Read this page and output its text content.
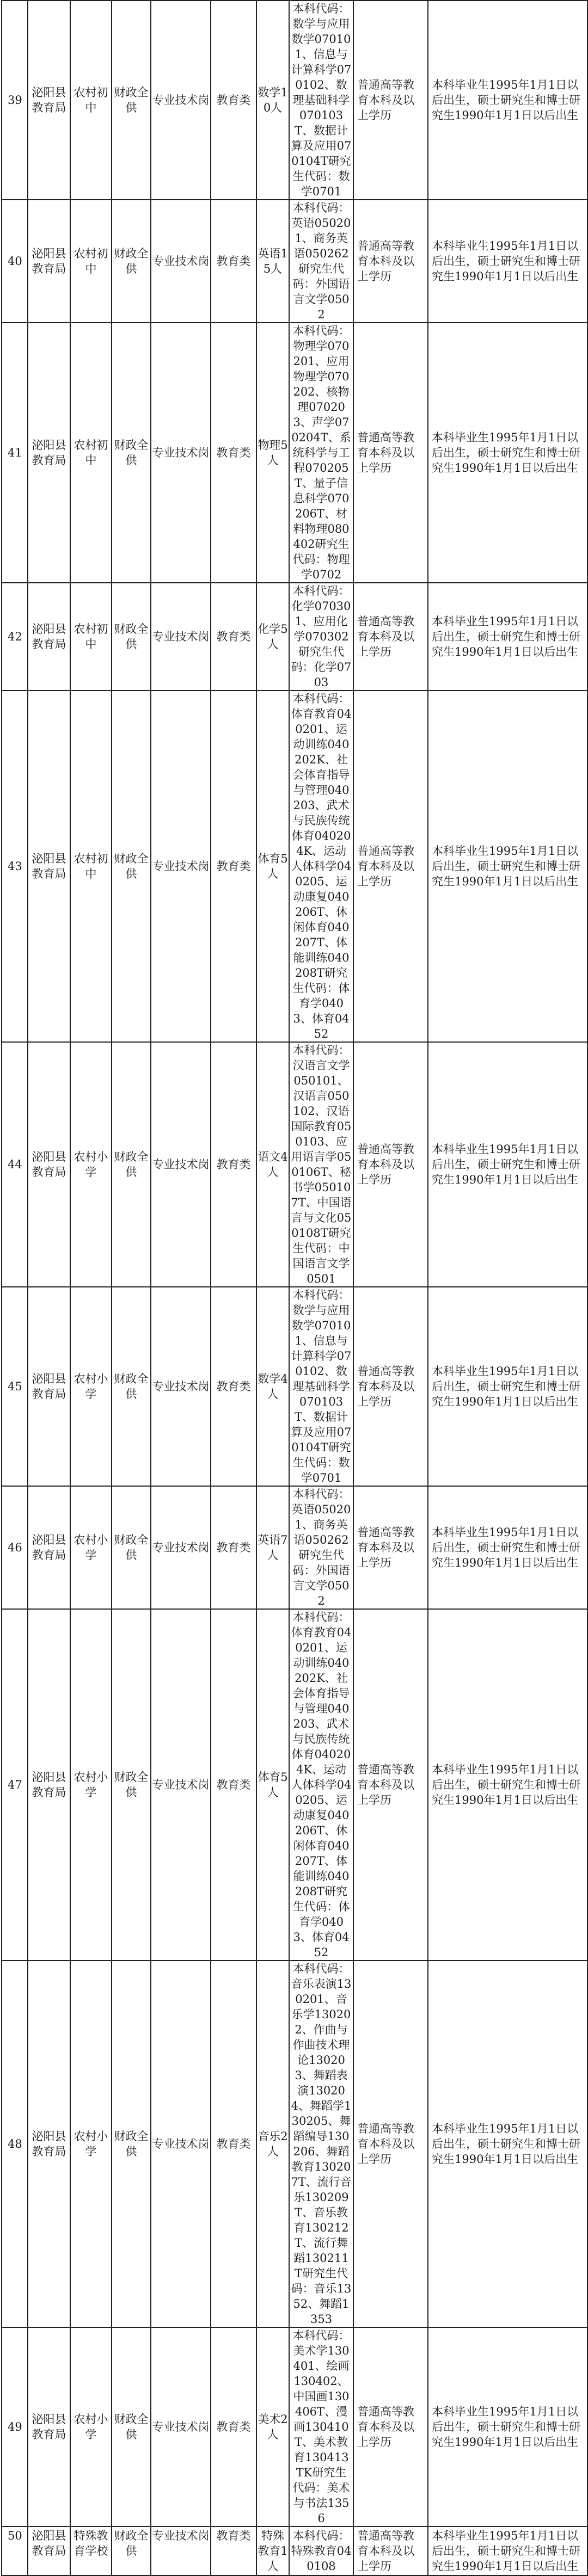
39	泌阳县教育局	农村初中	财政全供	专业技术岗	教育类	数学10人	本科代码：数学与应用数学070101、信息与计算科学070102、数理基础科学070103T、数据计算及应用070104T研究生代码：数学0701	普通高等教育本科及以上学历	本科毕业生1995年1月1日以后出生，硕士研究生和博士研究生1990年1月1日以后出生
40	泌阳县教育局	农村初中	财政全供	专业技术岗	教育类	英语15人	本科代码：英语050201、商务英语050262研究生代码：外国语言文学0502	普通高等教育本科及以上学历	本科毕业生1995年1月1日以后出生，硕士研究生和博士研究生1990年1月1日以后出生
41	泌阳县教育局	农村初中	财政全供	专业技术岗	教育类	物理5人	本科代码：物理学070201、应用物理学070202、核物理070203、声学070204T、系统科学与工程070205T、量子信息科学070206T、材料物理080402研究生代码：物理学0702	普通高等教育本科及以上学历	本科毕业生1995年1月1日以后出生，硕士研究生和博士研究生1990年1月1日以后出生
42	泌阳县教育局	农村初中	财政全供	专业技术岗	教育类	化学5人	本科代码：化学070301、应用化学070302研究生代码：化学0703	普通高等教育本科及以上学历	本科毕业生1995年1月1日以后出生，硕士研究生和博士研究生1990年1月1日以后出生
43	泌阳县教育局	农村初中	财政全供	专业技术岗	教育类	体育5人	本科代码：体育教育040201、运动训练040202K、社会体育指导与管理040203、武术与民族传统体育040204K、运动人体科学040205、运动康复040206T、休闲体育040207T、体能训练040208T研究生代码：体育学0403、体育0452	普通高等教育本科及以上学历	本科毕业生1995年1月1日以后出生，硕士研究生和博士研究生1990年1月1日以后出生
44	泌阳县教育局	农村小学	财政全供	专业技术岗	教育类	语文4人	本科代码：汉语言文学050101、汉语言050102、汉语国际教育050103、应用语言学050106T、秘书学050107T、中国语言与文化050108T研究生代码：中国语言文学0501	普通高等教育本科及以上学历	本科毕业生1995年1月1日以后出生，硕士研究生和博士研究生1990年1月1日以后出生
45	泌阳县教育局	农村小学	财政全供	专业技术岗	教育类	数学4人	本科代码：数学与应用数学070101、信息与计算科学070102、数理基础科学070103T、数据计算及应用070104T研究生代码：数学0701	普通高等教育本科及以上学历	本科毕业生1995年1月1日以后出生，硕士研究生和博士研究生1990年1月1日以后出生
46	泌阳县教育局	农村小学	财政全供	专业技术岗	教育类	英语7人	本科代码：英语050201、商务英语050262研究生代码：外国语言文学0502	普通高等教育本科及以上学历	本科毕业生1995年1月1日以后出生，硕士研究生和博士研究生1990年1月1日以后出生
47	泌阳县教育局	农村小学	财政全供	专业技术岗	教育类	体育5人	本科代码：体育教育040201、运动训练040202K、社会体育指导与管理040203、武术与民族传统体育040204K、运动人体科学040205、运动康复040206T、休闲体育040207T、体能训练040208T研究生代码：体育学0403、体育0452	普通高等教育本科及以上学历	本科毕业生1995年1月1日以后出生，硕士研究生和博士研究生1990年1月1日以后出生
48	泌阳县教育局	农村小学	财政全供	专业技术岗	教育类	音乐2人	本科代码：音乐表演130201、音乐学130202、作曲与作曲技术理论130203、舞蹈表演130204、舞蹈学130205、舞蹈编导130206、舞蹈教育130207T、流行音乐130209T、音乐教育130212T、流行舞蹈130211T研究生代码：音乐1352、舞蹈1353	普通高等教育本科及以上学历	本科毕业生1995年1月1日以后出生，硕士研究生和博士研究生1990年1月1日以后出生
49	泌阳县教育局	农村小学	财政全供	专业技术岗	教育类	美术2人	本科代码：美术学130401、绘画130402、中国画130406T、漫画130410T、美术教育130413TK研究生代码：美术与书法1356	普通高等教育本科及以上学历	本科毕业生1995年1月1日以后出生，硕士研究生和博士研究生1990年1月1日以后出生
50	泌阳县教育局	特殊教育学校	财政全供	专业技术岗	教育类	特殊教育1人	本科代码：特殊教育040108	普通高等教育本科及以上学历	本科毕业生1995年1月1日以后出生，硕士研究生和博士研究生1990年1月1日以后出生
